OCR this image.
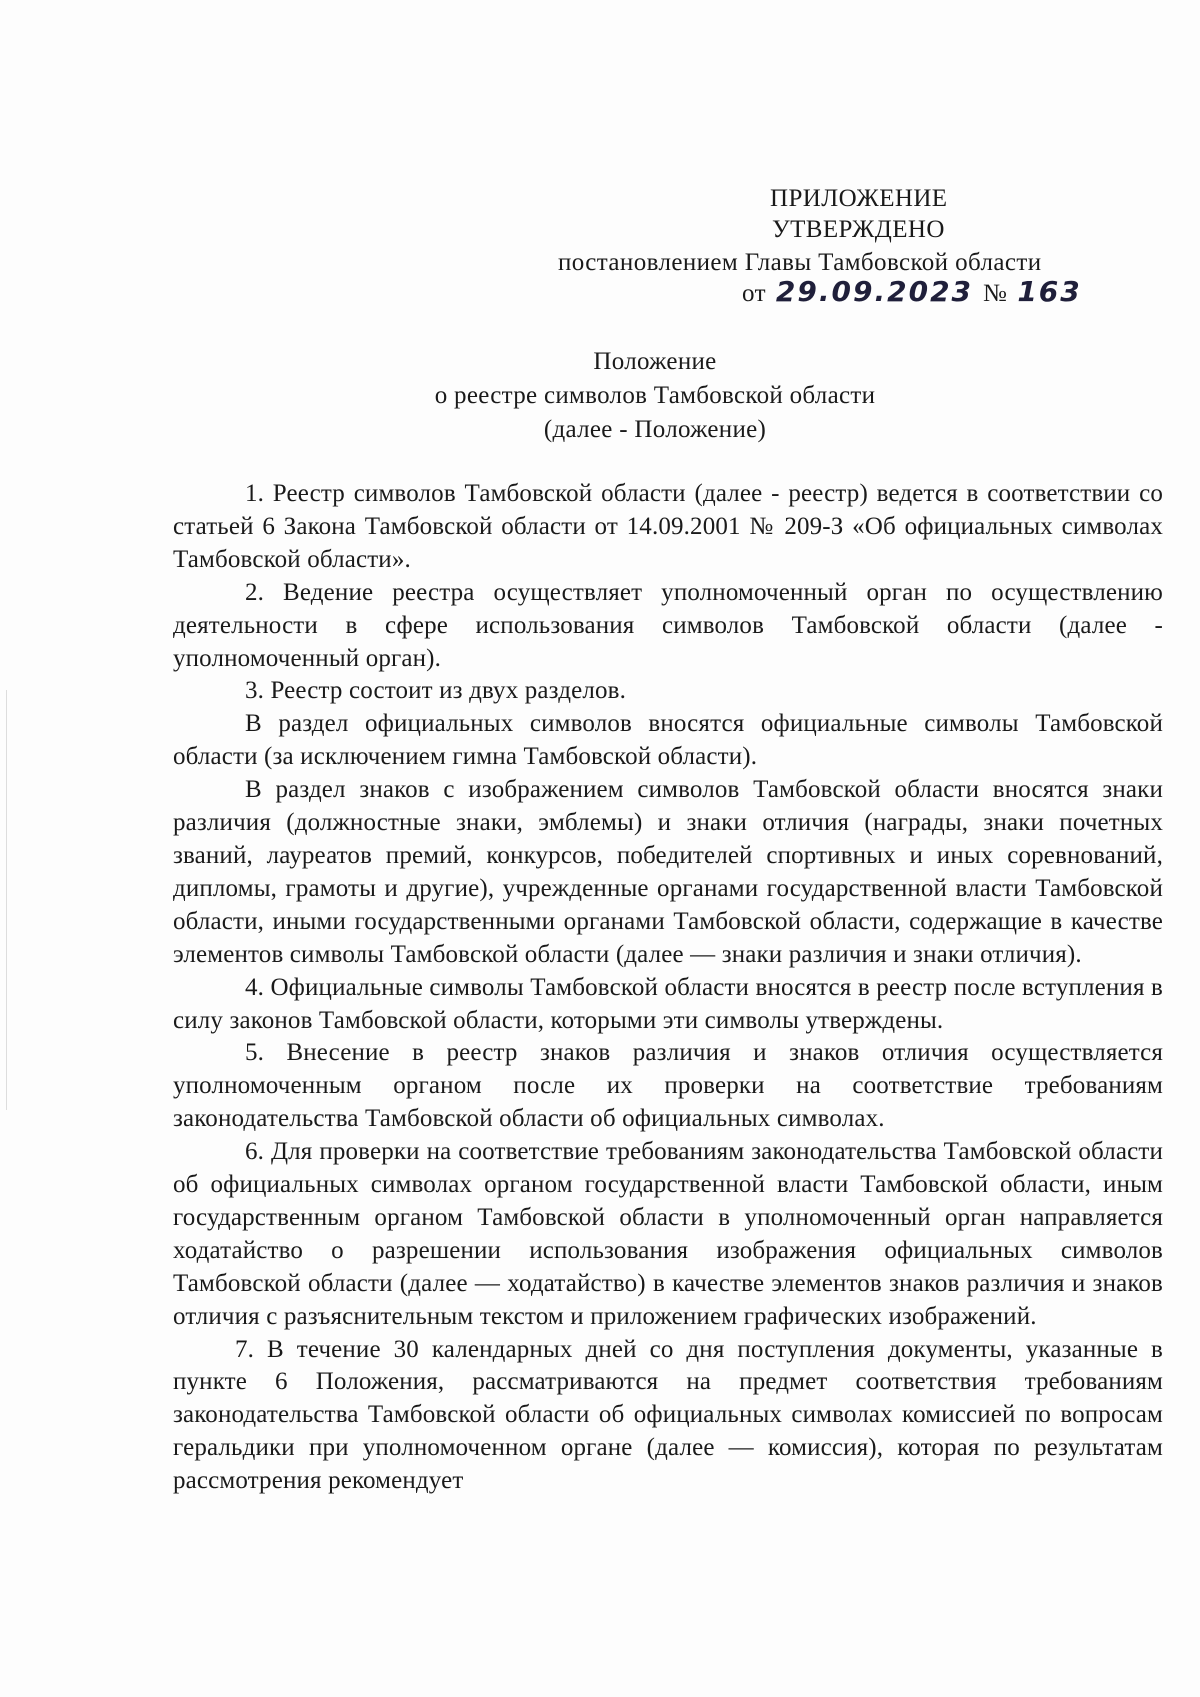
ПРИЛОЖЕНИЕ
УТВЕРЖДЕНО
постановлением Главы Тамбовской области
от 29.09.2023 № 163
Положение
о реестре символов Тамбовской области
(далее - Положение)

1. Реестр символов Тамбовской области (далее - реестр) ведется в соответствии со статьей 6 Закона Тамбовской области от 14.09.2001 № 209-З «Об официальных символах Тамбовской области».

2. Ведение реестра осуществляет уполномоченный орган по осуществлению деятельности в сфере использования символов Тамбовской области (далее - уполномоченный орган).

3. Реестр состоит из двух разделов.

В раздел официальных символов вносятся официальные символы Тамбовской области (за исключением гимна Тамбовской области).

В раздел знаков с изображением символов Тамбовской области вносятся знаки различия (должностные знаки, эмблемы) и знаки отличия (награды, знаки почетных званий, лауреатов премий, конкурсов, победителей спортивных и иных соревнований, дипломы, грамоты и другие), учрежденные органами государственной власти Тамбовской области, иными государственными органами Тамбовской области, содержащие в качестве элементов символы Тамбовской области (далее — знаки различия и знаки отличия).

4. Официальные символы Тамбовской области вносятся в реестр после вступления в силу законов Тамбовской области, которыми эти символы утверждены.

5. Внесение в реестр знаков различия и знаков отличия осуществляется уполномоченным органом после их проверки на соответствие требованиям законодательства Тамбовской области об официальных символах.

6. Для проверки на соответствие требованиям законодательства Тамбовской области об официальных символах органом государственной власти Тамбовской области, иным государственным органом Тамбовской области в уполномоченный орган направляется ходатайство о разрешении использования изображения официальных символов Тамбовской области (далее — ходатайство) в качестве элементов знаков различия и знаков отличия с разъяснительным текстом и приложением графических изображений.

7. В течение 30 календарных дней со дня поступления документы, указанные в пункте 6 Положения, рассматриваются на предмет соответствия требованиям законодательства Тамбовской области об официальных символах комиссией по вопросам геральдики при уполномоченном органе (далее — комиссия), которая по результатам рассмотрения рекомендует
